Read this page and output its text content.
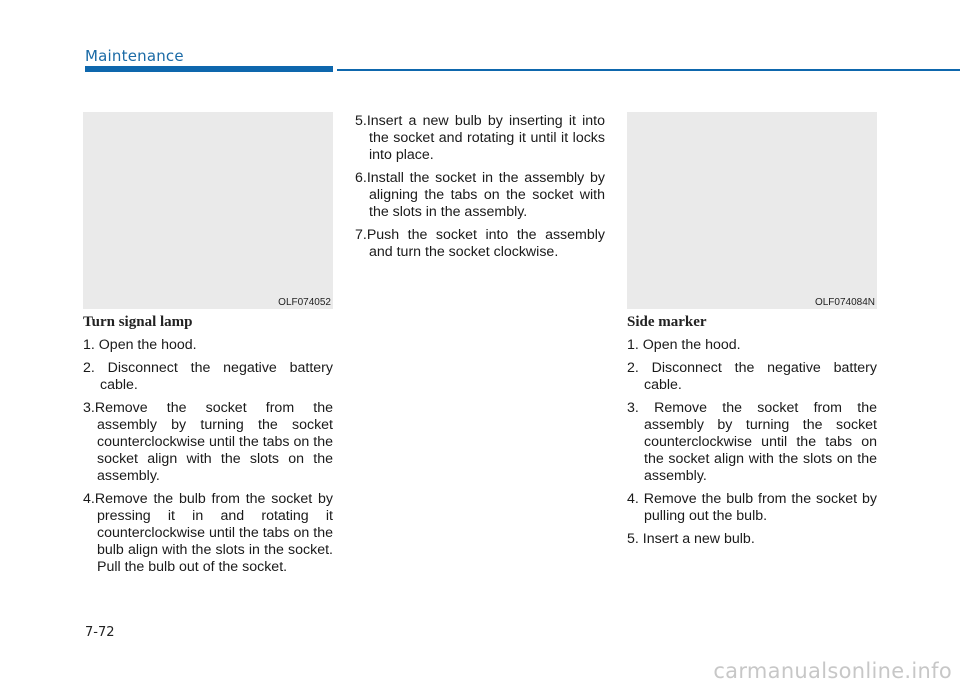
Maintenance
OLF074052
Turn signal lamp
1. Open the hood.
2. Disconnect the negative battery cable.
3.Remove the socket from the assembly by turning the socket counterclockwise until the tabs on the socket align with the slots on the assembly.
4.Remove the bulb from the socket by pressing it in and rotating it counterclockwise until the tabs on the bulb align with the slots in the socket. Pull the bulb out of the socket.
5.Insert a new bulb by inserting it into the socket and rotating it until it locks into place.
6.Install the socket in the assembly by aligning the tabs on the socket with the slots in the assembly.
7.Push the socket into the assembly and turn the socket clockwise.
OLF074084N
Side marker
1. Open the hood.
2. Disconnect the negative battery cable.
3. Remove the socket from the assembly by turning the socket counterclockwise until the tabs on the socket align with the slots on the assembly.
4. Remove the bulb from the socket by pulling out the bulb.
5. Insert a new bulb.
7-72
carmanualsonline.info
